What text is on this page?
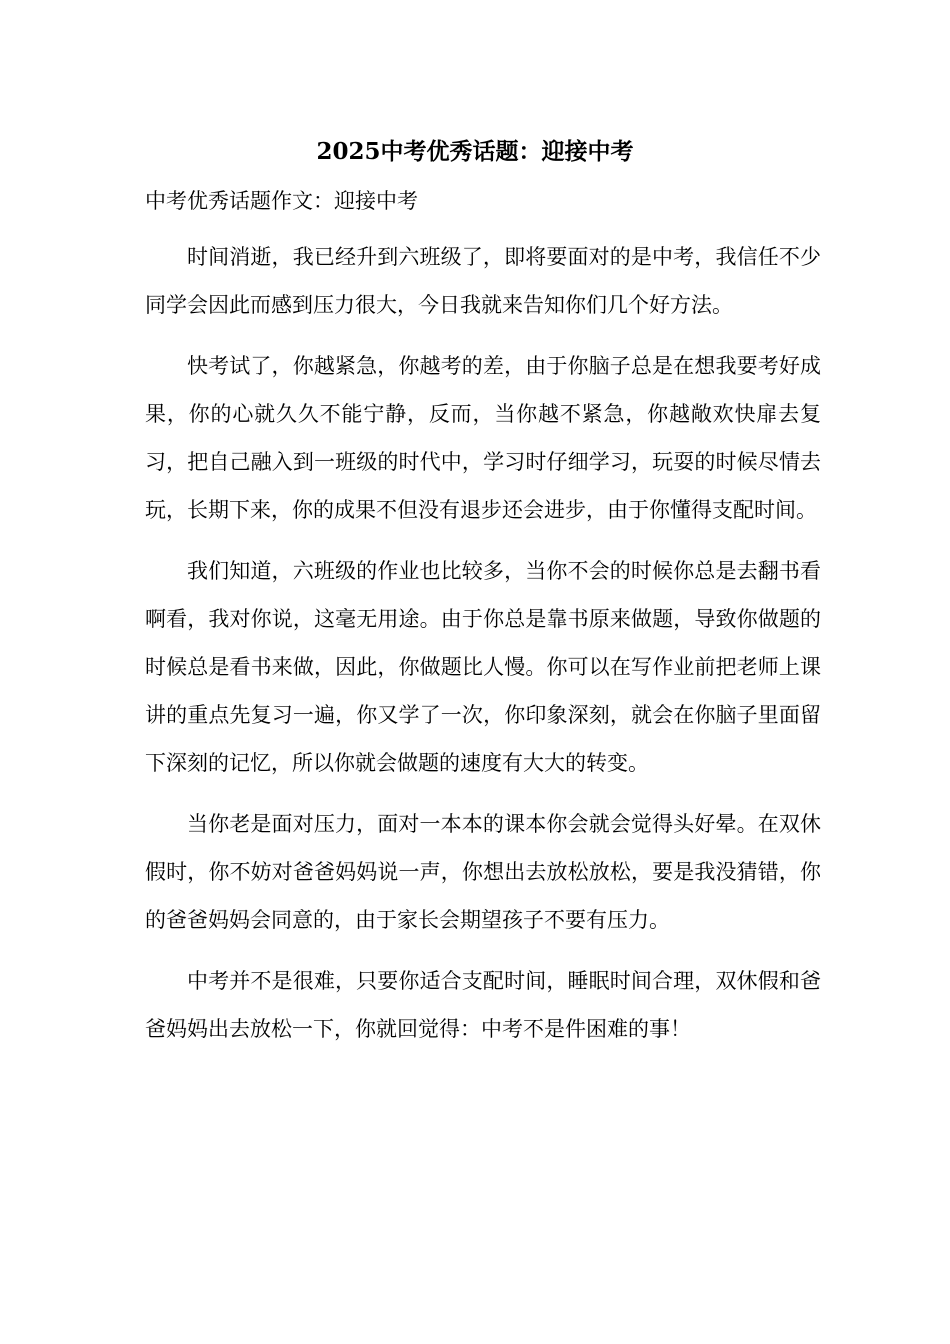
2025中考优秀话题：迎接中考

中考优秀话题作文：迎接中考

时间消逝，我已经升到六班级了，即将要面对的是中考，我信任不少同学会因此而感到压力很大，今日我就来告知你们几个好方法。

快考试了，你越紧急，你越考的差，由于你脑子总是在想我要考好成果，你的心就久久不能宁静，反而，当你越不紧急，你越敞欢快扉去复习，把自己融入到一班级的时代中，学习时仔细学习，玩耍的时候尽情去玩，长期下来，你的成果不但没有退步还会进步，由于你懂得支配时间。

我们知道，六班级的作业也比较多，当你不会的时候你总是去翻书看啊看，我对你说，这毫无用途。由于你总是靠书原来做题，导致你做题的时候总是看书来做，因此，你做题比人慢。你可以在写作业前把老师上课讲的重点先复习一遍，你又学了一次，你印象深刻，就会在你脑子里面留下深刻的记忆，所以你就会做题的速度有大大的转变。

当你老是面对压力，面对一本本的课本你会就会觉得头好晕。在双休假时，你不妨对爸爸妈妈说一声，你想出去放松放松，要是我没猜错，你的爸爸妈妈会同意的，由于家长会期望孩子不要有压力。

中考并不是很难，只要你适合支配时间，睡眠时间合理，双休假和爸爸妈妈出去放松一下，你就回觉得：中考不是件困难的事！
